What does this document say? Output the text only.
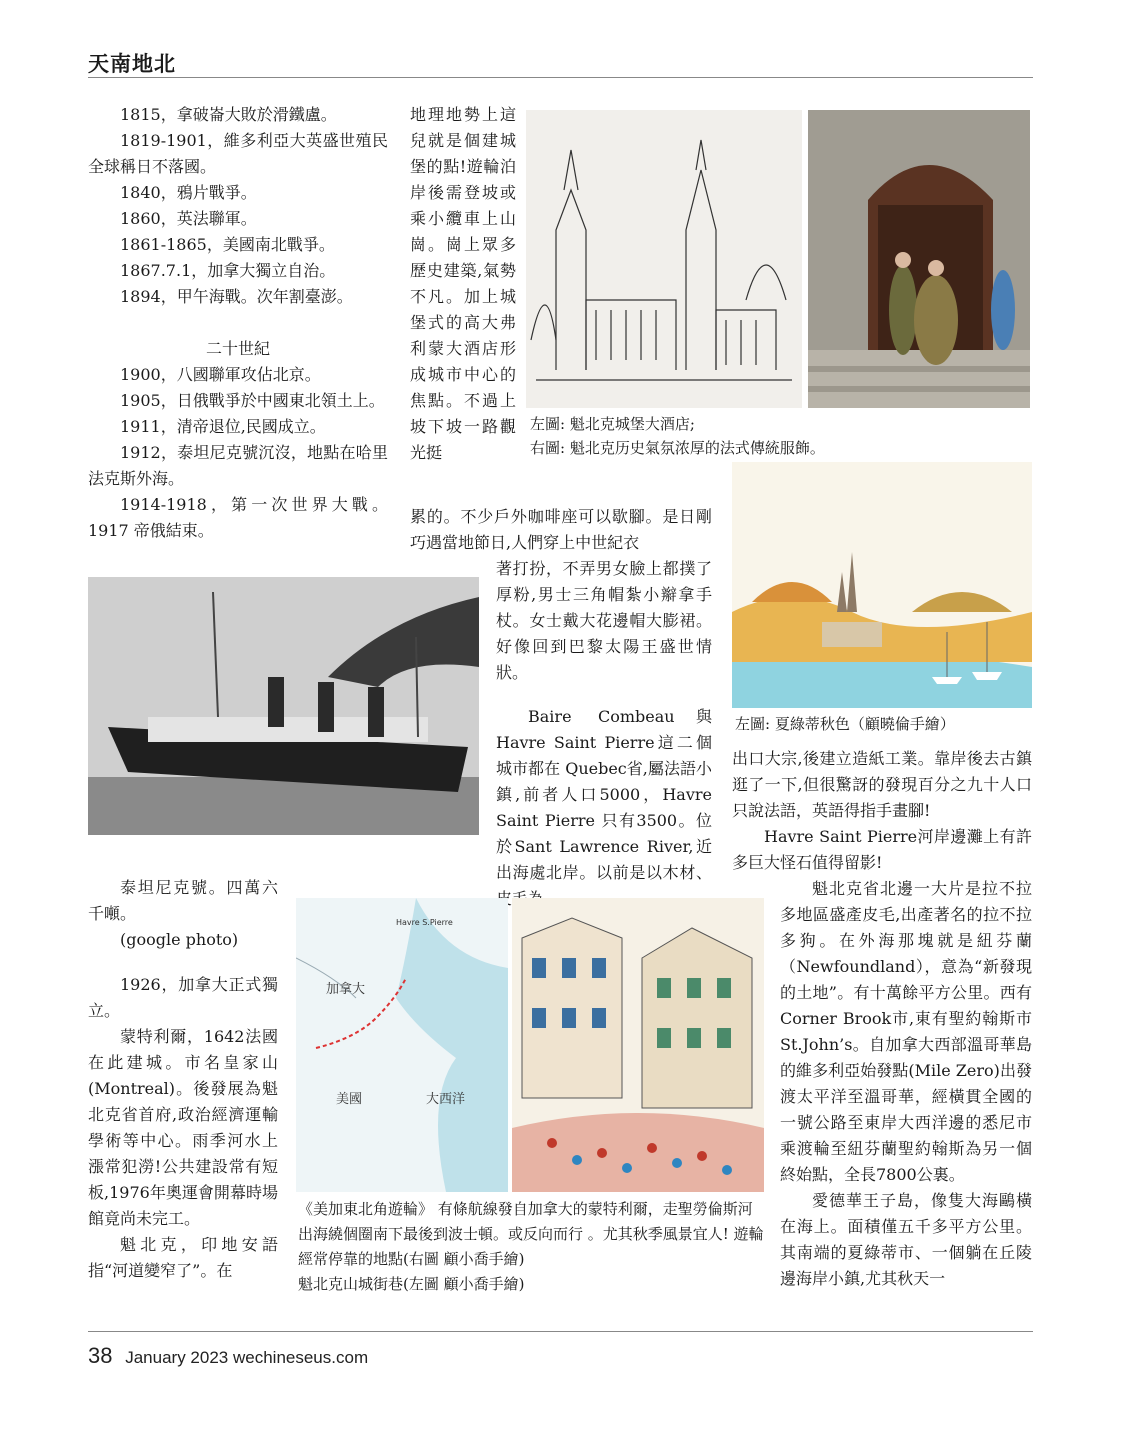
天南地北

1815，拿破崙大敗於滑鐵盧。

1819-1901，維多利亞大英盛世殖民全球稱日不落國。

1840，鴉片戰爭。

1860，英法聯軍。

1861-1865，美國南北戰爭。

1867.7.1，加拿大獨立自治。

1894，甲午海戰。次年割臺澎。

二十世紀

1900，八國聯軍攻佔北京。

1905，日俄戰爭於中國東北領土上。

1911，清帝退位,民國成立。

1912，泰坦尼克號沉沒，地點在哈里法克斯外海。

1914-1918，第一次世界大戰。1917 帝俄結束。

地理地勢上這兒就是個建城堡的點!遊輪泊岸後需登坡或乘小纜車上山崗。崗上眾多歷史建築,氣勢不凡。加上城堡式的高大弗利蒙大酒店形成城市中心的焦點。不過上坡下坡一路觀光挺

累的。不少戶外咖啡座可以歇腳。是日剛巧遇當地節日,人們穿上中世紀衣

著打扮，不弄男女臉上都撲了厚粉,男士三角帽紮小辮拿手杖。女士戴大花邊帽大膨裙。好像回到巴黎太陽王盛世情狀。

Baire Combeau與Havre Saint Pierre這二個城市都在 Quebec省,屬法語小鎮,前者人口5000，Havre Saint Pierre 只有3500。位於Sant Lawrence River,近出海處北岸。以前是以木材、

左圖: 魁北克城堡大酒店;
右圖: 魁北克历史氣氛浓厚的法式傳統服飾。
左圖: 夏綠蒂秋色（顧曉倫手繪）

泰坦尼克號。四萬六千噸。

(google photo)

加拿大
美國	大西洋
Havre S.Pierre
《美加東北角遊輪》 有條航線發自加拿大的蒙特利爾，走聖勞倫斯河出海繞個圈南下最後到波士頓。或反向而行 。尤其秋季風景宜人! 遊輪經常停靠的地點(右圖 顧小喬手繪)
魁北克山城街巷(左圖 顧小喬手繪)

1926，加拿大正式獨立。

蒙特利爾，1642法國在此建城。市名皇家山(Montreal)。後發展為魁北克省首府,政治經濟運輸學術等中心。雨季河水上漲常犯澇!公共建設常有短板,1976年奧運會開幕時場館竟尚未完工。

魁北克，印地安語指“河道變窄了”。在

出口大宗,後建立造紙工業。靠岸後去古鎮逛了一下,但很驚訝的發現百分之九十人口只說法語，英語得指手畫腳!

Havre Saint Pierre河岸邊灘上有許多巨大怪石值得留影!

魁北克省北邊一大片是拉不拉多地區盛產皮毛,出產著名的拉不拉多狗。在外海那塊就是紐芬蘭（Newfoundland），意為“新發現的土地”。有十萬餘平方公里。西有 Corner Brook市,東有聖約翰斯市St.John’s。自加拿大西部溫哥華島的維多利亞始發點(Mile Zero)出發渡太平洋至溫哥華，經橫貫全國的一號公路至東岸大西洋邊的悉尼市乘渡輪至紐芬蘭聖約翰斯為另一個終始點，全長7800公裏。

愛德華王子島，像隻大海鷗橫在海上。面積僅五千多平方公里。其南端的夏綠蒂市、一個躺在丘陵邊海岸小鎮,尤其秋天一

38 January 2023 wechineseus.com
